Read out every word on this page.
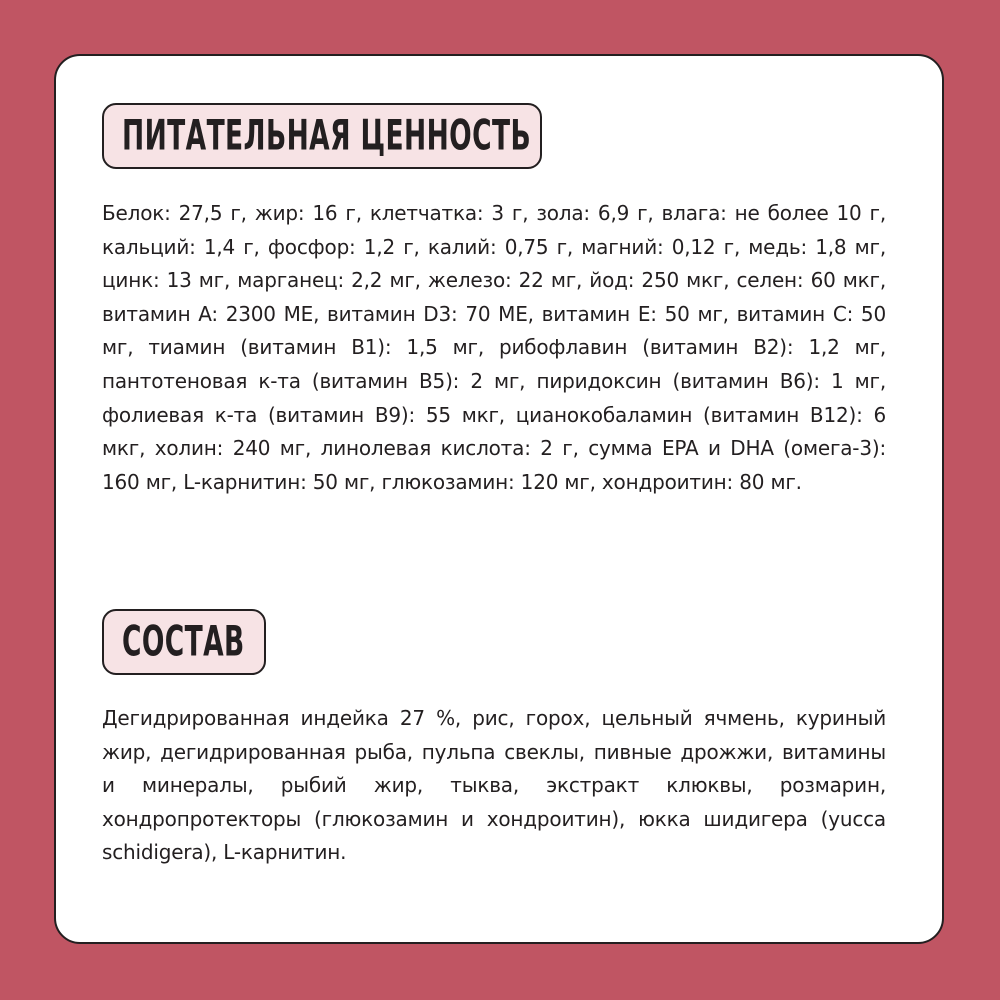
ПИТАТЕЛЬНАЯ ЦЕННОСТЬ

Белок: 27,5 г, жир: 16 г, клетчатка: 3 г, зола: 6,9 г, влага: не более 10 г, кальций: 1,4 г, фосфор: 1,2 г, калий: 0,75 г, магний: 0,12 г, медь: 1,8 мг, цинк: 13 мг, марганец: 2,2 мг, железо: 22 мг, йод: 250 мкг, селен: 60 мкг, витамин A: 2300 МЕ, витамин D3: 70 МЕ, витамин E: 50 мг, витамин C: 50 мг, тиамин (витамин B1): 1,5 мг, рибофлавин (витамин B2): 1,2 мг, пантотеновая к-та (витамин B5): 2 мг, пиридоксин (витамин B6): 1 мг, фолиевая к-та (витамин B9): 55 мкг, цианокобаламин (витамин B12): 6 мкг, холин: 240 мг, линолевая кислота: 2 г, сумма EPA и DHA (омега-3): 160 мг, L-карнитин: 50 мг, глюкозамин: 120 мг, хондроитин: 80 мг.

СОСТАВ

Дегидрированная индейка 27 %, рис, горох, цельный ячмень, куриный жир, дегидрированная рыба, пульпа свеклы, пивные дрожжи, витамины и минералы, рыбий жир, тыква, экстракт клюквы, розмарин, хондропротекторы (глюкозамин и хондроитин), юкка шидигера (yucca schidigera), L-карнитин.
